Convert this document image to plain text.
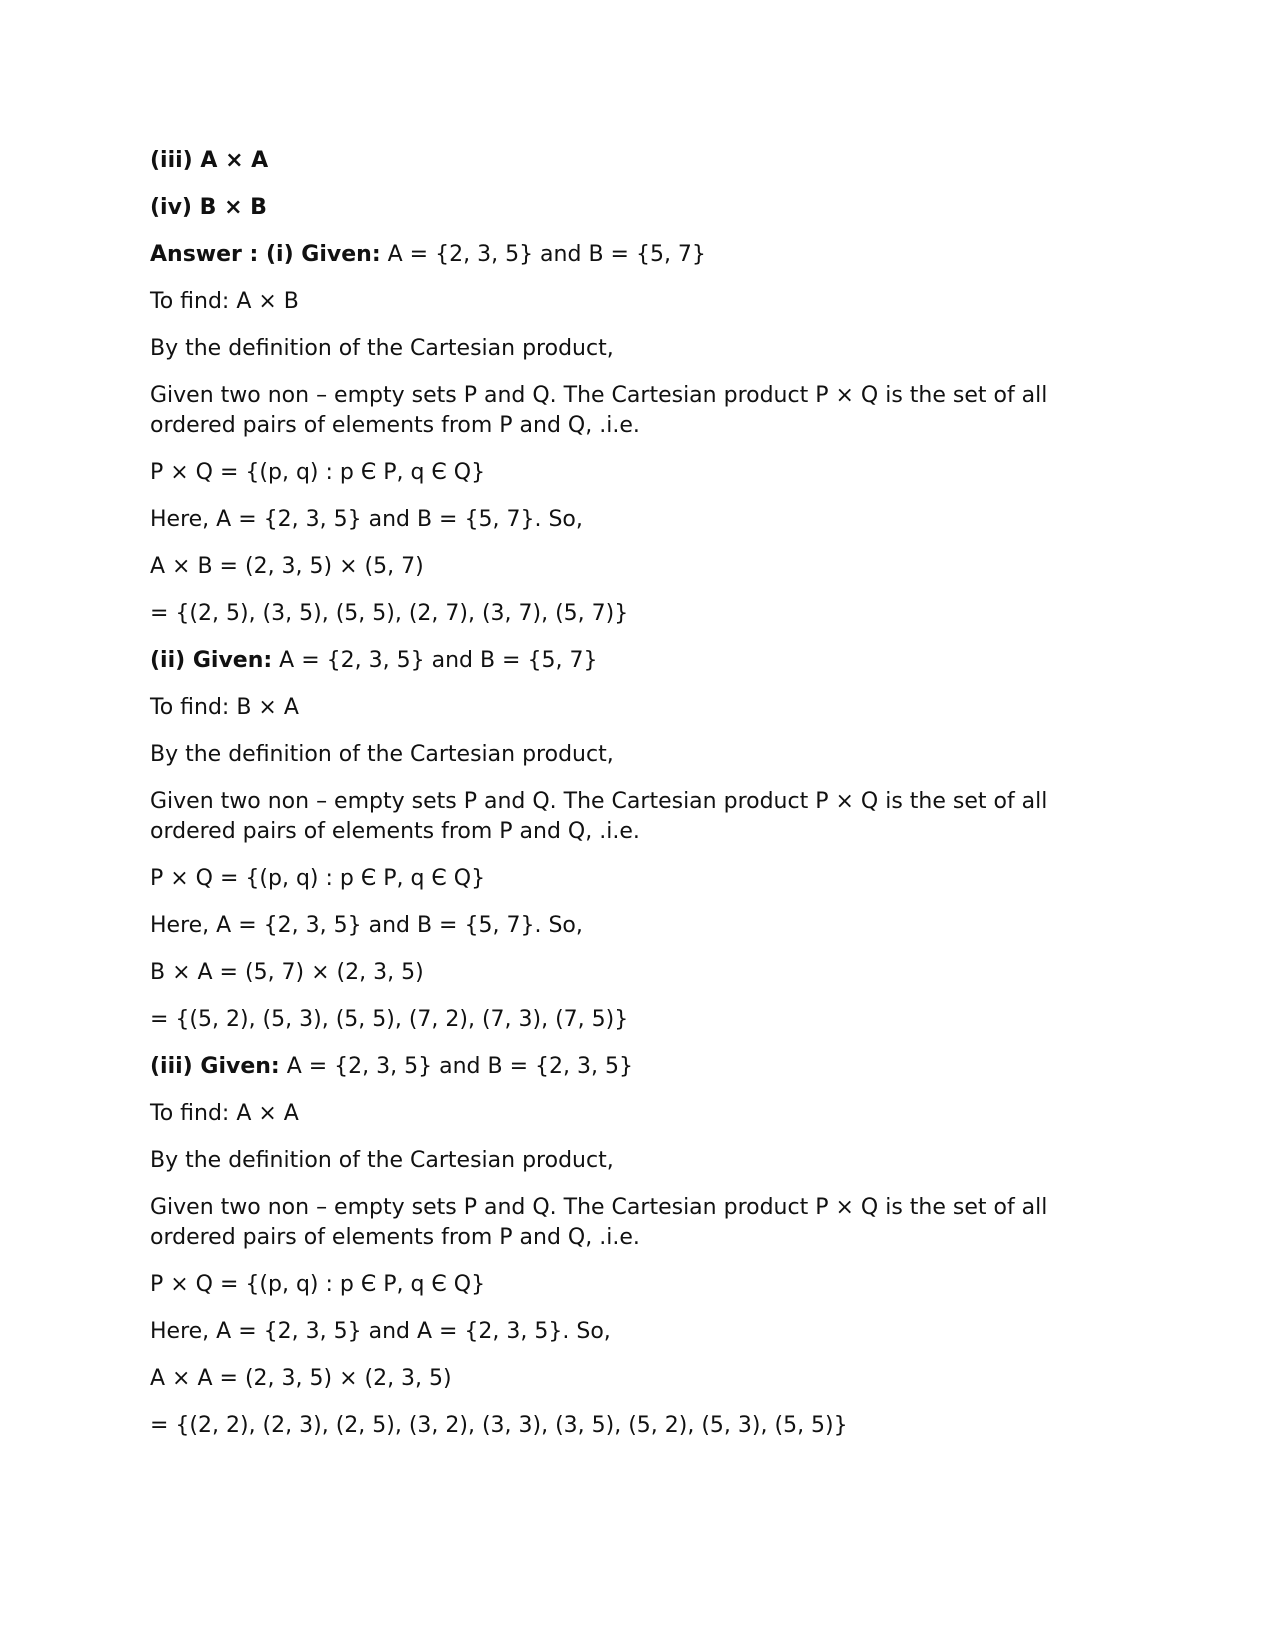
(iii) A × A
(iv) B × B
Answer : (i) Given: A = {2, 3, 5} and B = {5, 7}
To find: A × B
By the definition of the Cartesian product,
Given two non – empty sets P and Q. The Cartesian product P × Q is the set of all
ordered pairs of elements from P and Q, .i.e.
P × Q = {(p, q) : p Є P, q Є Q}
Here, A = {2, 3, 5} and B = {5, 7}. So,
A × B = (2, 3, 5) × (5, 7)
= {(2, 5), (3, 5), (5, 5), (2, 7), (3, 7), (5, 7)}
(ii) Given: A = {2, 3, 5} and B = {5, 7}
To find: B × A
By the definition of the Cartesian product,
Given two non – empty sets P and Q. The Cartesian product P × Q is the set of all
ordered pairs of elements from P and Q, .i.e.
P × Q = {(p, q) : p Є P, q Є Q}
Here, A = {2, 3, 5} and B = {5, 7}. So,
B × A = (5, 7) × (2, 3, 5)
= {(5, 2), (5, 3), (5, 5), (7, 2), (7, 3), (7, 5)}
(iii) Given: A = {2, 3, 5} and B = {2, 3, 5}
To find: A × A
By the definition of the Cartesian product,
Given two non – empty sets P and Q. The Cartesian product P × Q is the set of all
ordered pairs of elements from P and Q, .i.e.
P × Q = {(p, q) : p Є P, q Є Q}
Here, A = {2, 3, 5} and A = {2, 3, 5}. So,
A × A = (2, 3, 5) × (2, 3, 5)
= {(2, 2), (2, 3), (2, 5), (3, 2), (3, 3), (3, 5), (5, 2), (5, 3), (5, 5)}
